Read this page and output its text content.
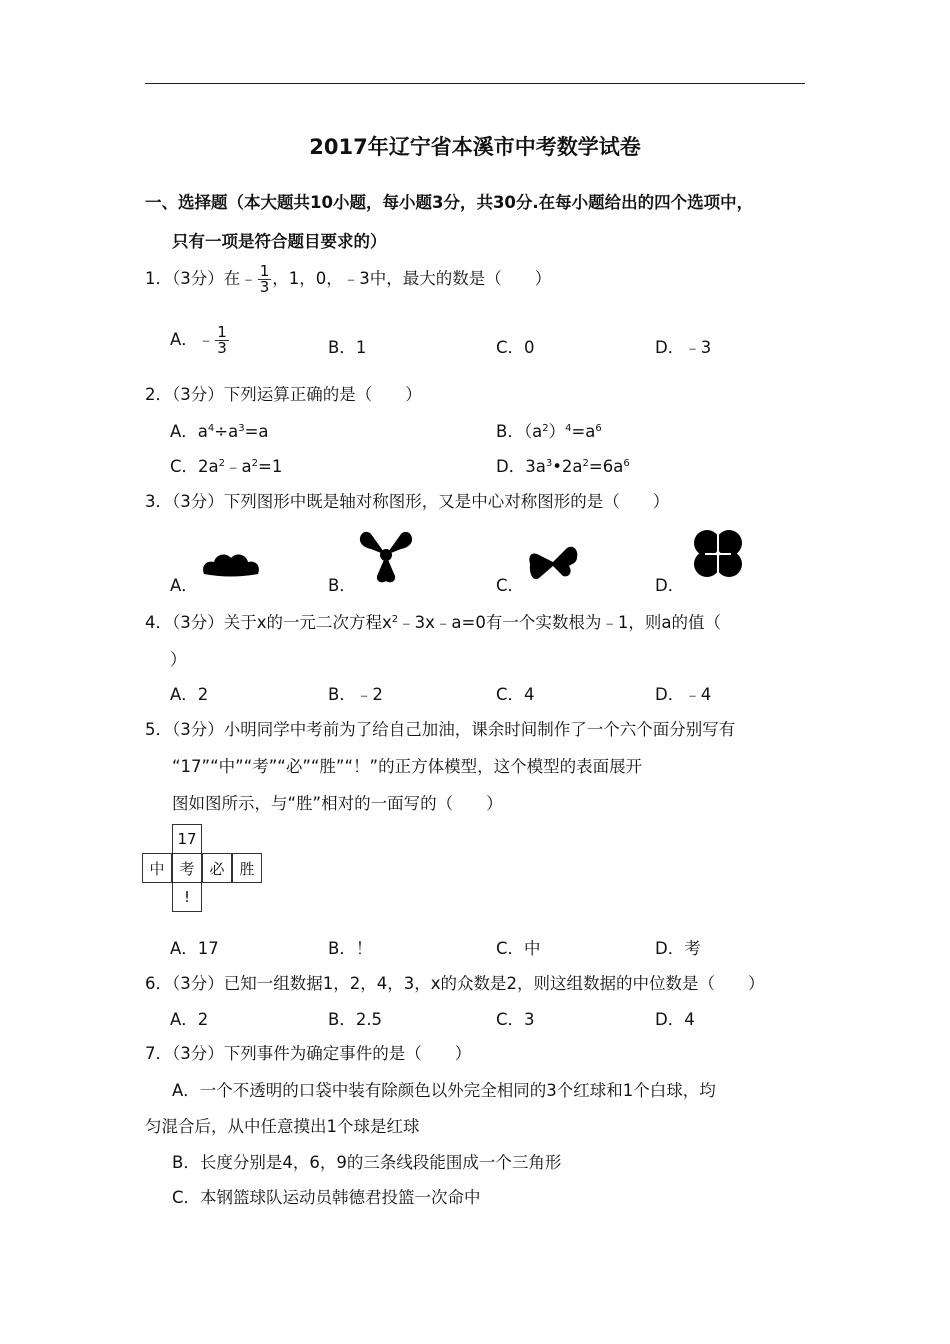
2017年辽宁省本溪市中考数学试卷
一、选择题（本大题共10小题，每小题3分，共30分.在每小题给出的四个选项中，
只有一项是符合题目要求的）
1．（3分）在﹣ $\frac{1}{3}$ ，1，0，﹣3中，最大的数是（　　）
A．﹣ $\frac{1}{3}$	B．1	C．0	D．﹣3
2．（3分）下列运算正确的是（　　）
A．$a^4\div a^3=a$	B．$(a^2)^4=a^6$
C．$2a^2﹣a^2=1$	D．$3a^3•2a^2=6a^6$
3．（3分）下列图形中既是轴对称图形，又是中心对称图形的是（　　）
A．	B．	C．	D．
4．（3分）关于x的一元二次方程$x^2﹣3x﹣a=0$有一个实数根为﹣1，则a的值（
）
A．2	B．﹣2	C．4	D．﹣4
5．（3分）小明同学中考前为了给自己加油，课余时间制作了一个六个面分别写有
“17”“中”“考”“必”“胜”“！”的正方体模型，这个模型的表面展开
图如图所示，与“胜”相对的一面写的（　　）
17
中 考 必 胜
!
A．17	B．！	C．中	D．考
6．（3分）已知一组数据1，2，4，3，x的众数是2，则这组数据的中位数是（　　）
A．2	B．2.5	C．3	D．4
7．（3分）下列事件为确定事件的是（　　）
A．一个不透明的口袋中装有除颜色以外完全相同的3个红球和1个白球，均
匀混合后，从中任意摸出1个球是红球
B．长度分别是4，6，9的三条线段能围成一个三角形
C．本钢篮球队运动员韩德君投篮一次命中
